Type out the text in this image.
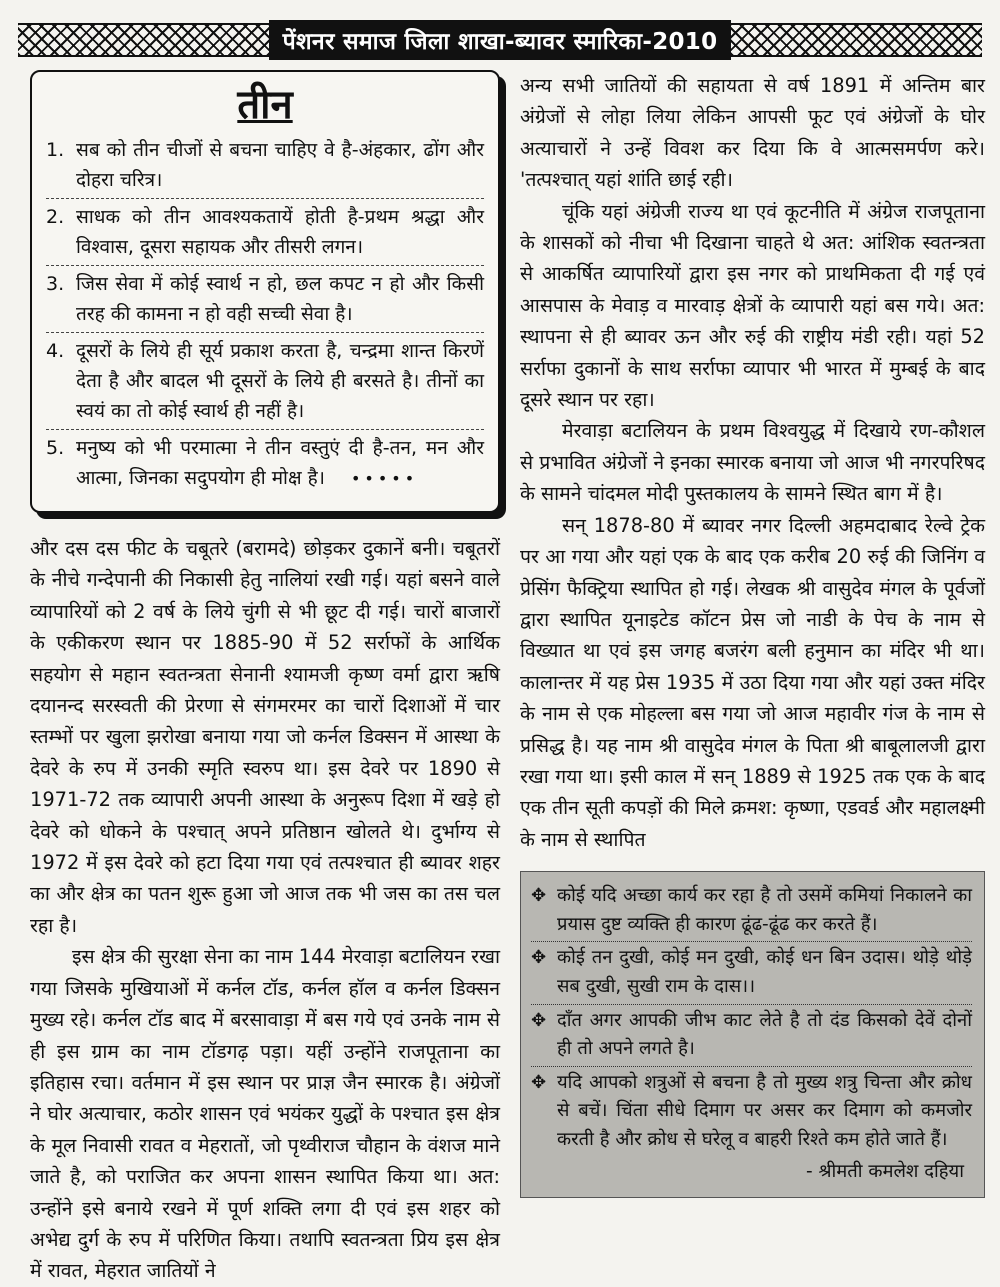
पेंशनर समाज जिला शाखा-ब्यावर स्मारिका-2010
तीन
1. सब को तीन चीजों से बचना चाहिए वे है-अंहकार, ढोंग और दोहरा चरित्र।
2. साधक को तीन आवश्यकतायें होती है-प्रथम श्रद्धा और विश्वास, दूसरा सहायक और तीसरी लगन।
3. जिस सेवा में कोई स्वार्थ न हो, छल कपट न हो और किसी तरह की कामना न हो वही सच्ची सेवा है।
4. दूसरों के लिये ही सूर्य प्रकाश करता है, चन्द्रमा शान्त किरणें देता है और बादल भी दूसरों के लिये ही बरसते है। तीनों का स्वयं का तो कोई स्वार्थ ही नहीं है।
5. मनुष्य को भी परमात्मा ने तीन वस्तुएं दी है-तन, मन और आत्मा, जिनका सदुपयोग ही मोक्ष है। •••••

और दस दस फीट के चबूतरे (बरामदे) छोड़कर दुकानें बनी। चबूतरों के नीचे गन्देपानी की निकासी हेतु नालियां रखी गई। यहां बसने वाले व्यापारियों को 2 वर्ष के लिये चुंगी से भी छूट दी गई। चारों बाजारों के एकीकरण स्थान पर 1885-90 में 52 सर्राफों के आर्थिक सहयोग से महान स्वतन्त्रता सेनानी श्यामजी कृष्ण वर्मा द्वारा ऋषि दयानन्द सरस्वती की प्रेरणा से संगमरमर का चारों दिशाओं में चार स्तम्भों पर खुला झरोखा बनाया गया जो कर्नल डिक्सन में आस्था के देवरे के रुप में उनकी स्मृति स्वरुप था। इस देवरे पर 1890 से 1971-72 तक व्यापारी अपनी आस्था के अनुरूप दिशा में खड़े हो देवरे को धोकने के पश्चात् अपने प्रतिष्ठान खोलते थे। दुर्भाग्य से 1972 में इस देवरे को हटा दिया गया एवं तत्पश्चात ही ब्यावर शहर का और क्षेत्र का पतन शुरू हुआ जो आज तक भी जस का तस चल रहा है।

इस क्षेत्र की सुरक्षा सेना का नाम 144 मेरवाड़ा बटालियन रखा गया जिसके मुखियाओं में कर्नल टॉड, कर्नल हॉल व कर्नल डिक्सन मुख्य रहे। कर्नल टॉड बाद में बरसावाड़ा में बस गये एवं उनके नाम से ही इस ग्राम का नाम टॉडगढ़ पड़ा। यहीं उन्होंने राजपूताना का इतिहास रचा। वर्तमान में इस स्थान पर प्राज्ञ जैन स्मारक है। अंग्रेजों ने घोर अत्याचार, कठोर शासन एवं भयंकर युद्धों के पश्चात इस क्षेत्र के मूल निवासी रावत व मेहरातों, जो पृथ्वीराज चौहान के वंशज माने जाते है, को पराजित कर अपना शासन स्थापित किया था। अत: उन्होंने इसे बनाये रखने में पूर्ण शक्ति लगा दी एवं इस शहर को अभेद्य दुर्ग के रुप में परिणित किया। तथापि स्वतन्त्रता प्रिय इस क्षेत्र में रावत, मेहरात जातियों ने

अन्य सभी जातियों की सहायता से वर्ष 1891 में अन्तिम बार अंग्रेजों से लोहा लिया लेकिन आपसी फूट एवं अंग्रेजों के घोर अत्याचारों ने उन्हें विवश कर दिया कि वे आत्मसमर्पण करे। 'तत्पश्चात् यहां शांति छाई रही।

चूंकि यहां अंग्रेजी राज्य था एवं कूटनीति में अंग्रेज राजपूताना के शासकों को नीचा भी दिखाना चाहते थे अत: आंशिक स्वतन्त्रता से आकर्षित व्यापारियों द्वारा इस नगर को प्राथमिकता दी गई एवं आसपास के मेवाड़ व मारवाड़ क्षेत्रों के व्यापारी यहां बस गये। अत: स्थापना से ही ब्यावर ऊन और रुई की राष्ट्रीय मंडी रही। यहां 52 सर्राफा दुकानों के साथ सर्राफा व्यापार भी भारत में मुम्बई के बाद दूसरे स्थान पर रहा।

मेरवाड़ा बटालियन के प्रथम विश्वयुद्ध में दिखाये रण-कौशल से प्रभावित अंग्रेजों ने इनका स्मारक बनाया जो आज भी नगरपरिषद के सामने चांदमल मोदी पुस्तकालय के सामने स्थित बाग में है।

सन् 1878-80 में ब्यावर नगर दिल्ली अहमदाबाद रेल्वे ट्रेक पर आ गया और यहां एक के बाद एक करीब 20 रुई की जिनिंग व प्रेसिंग फैक्ट्रिया स्थापित हो गई। लेखक श्री वासुदेव मंगल के पूर्वजों द्वारा स्थापित यूनाइटेड कॉटन प्रेस जो नाडी के पेच के नाम से विख्यात था एवं इस जगह बजरंग बली हनुमान का मंदिर भी था। कालान्तर में यह प्रेस 1935 में उठा दिया गया और यहां उक्त मंदिर के नाम से एक मोहल्ला बस गया जो आज महावीर गंज के नाम से प्रसिद्ध है। यह नाम श्री वासुदेव मंगल के पिता श्री बाबूलालजी द्वारा रखा गया था। इसी काल में सन् 1889 से 1925 तक एक के बाद एक तीन सूती कपड़ों की मिले क्रमश: कृष्णा, एडवर्ड और महालक्ष्मी के नाम से स्थापित

✥ कोई यदि अच्छा कार्य कर रहा है तो उसमें कमियां निकालने का प्रयास दुष्ट व्यक्ति ही कारण ढूंढ-ढूंढ कर करते हैं।
✥ कोई तन दुखी, कोई मन दुखी, कोई धन बिन उदास। थोड़े थोड़े सब दुखी, सुखी राम के दास।।
✥ दाँत अगर आपकी जीभ काट लेते है तो दंड किसको देवें दोनों ही तो अपने लगते है।
✥ यदि आपको शत्रुओं से बचना है तो मुख्य शत्रु चिन्ता और क्रोध से बचें। चिंता सीधे दिमाग पर असर कर दिमाग को कमजोर करती है और क्रोध से घरेलू व बाहरी रिश्ते कम होते जाते हैं।
- श्रीमती कमलेश दहिया
